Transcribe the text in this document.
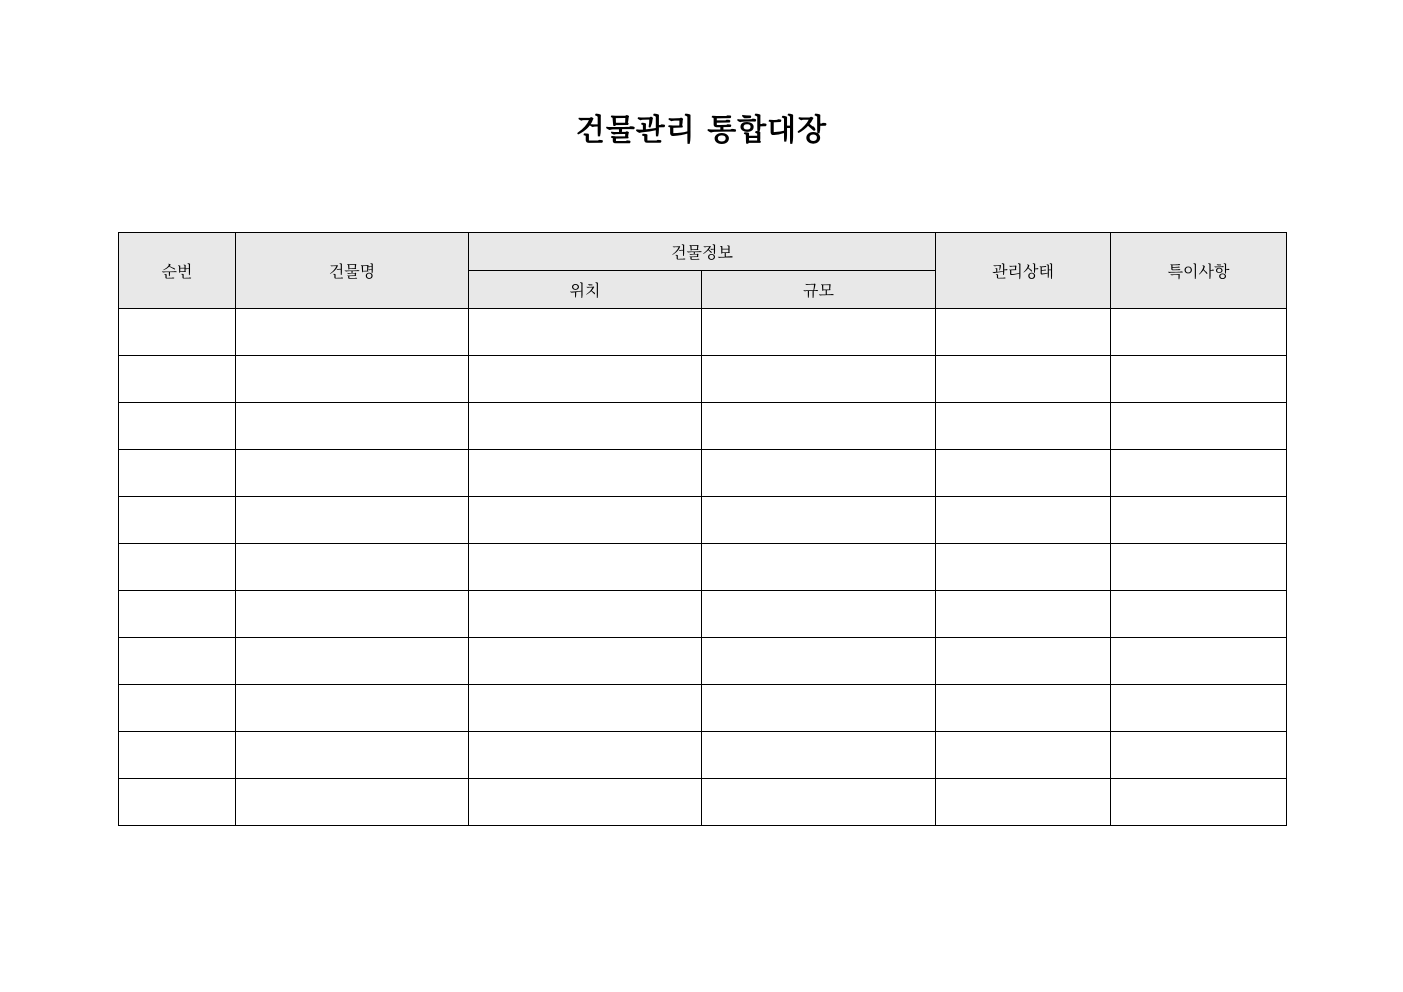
건물관리 통합대장
순번	건물명	건물정보		관리상태	특이사항
		위치	규모		
